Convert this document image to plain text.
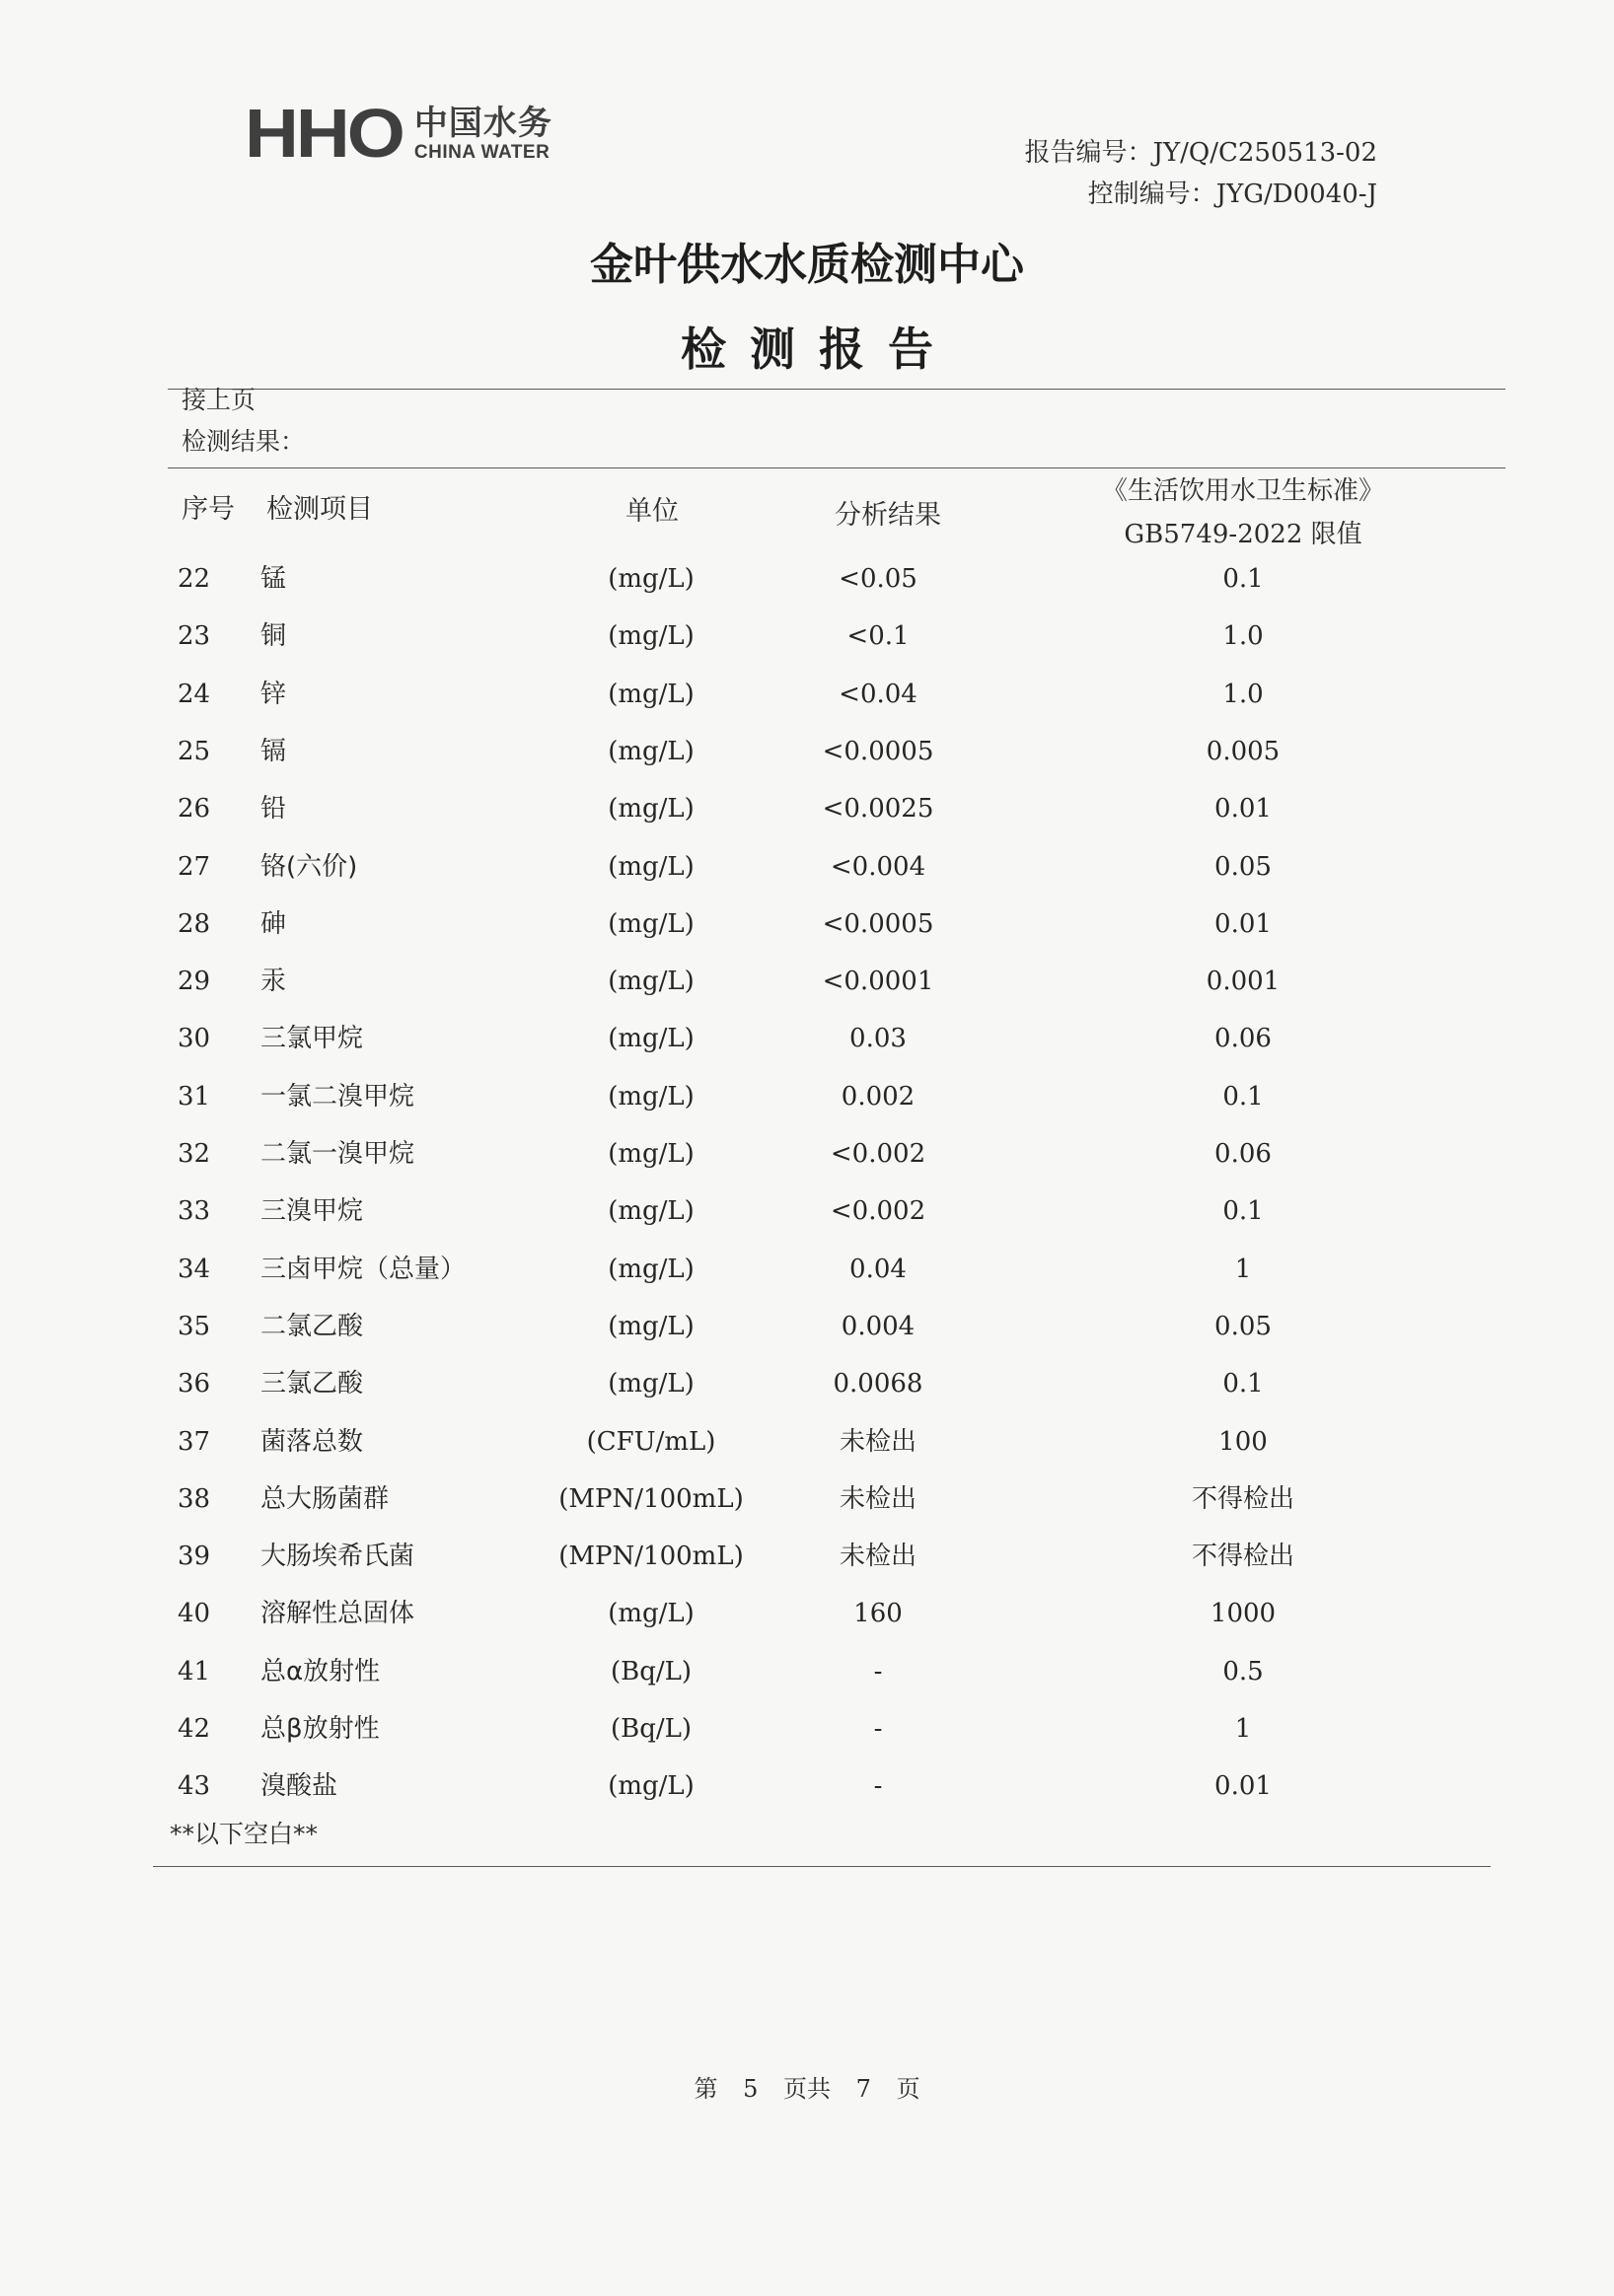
HHO 中国水务
CHINA WATER	报告编号：JY/Q/C250513-02
控制编号：JYG/D0040-J
金叶供水水质检测中心
检测报告
接上页
检测结果：
序号 检测项目	单位	分析结果
《生活饮用水卫生标准》
GB5749-2022 限值
22	锰	(mg/L)	<0.05	0.1
23	铜	(mg/L)	<0.1	1.0
24	锌	(mg/L)	<0.04	1.0
25	镉	(mg/L)	<0.0005	0.005
26	铅	(mg/L)	<0.0025	0.01
27	铬(六价)	(mg/L)	<0.004	0.05
28	砷	(mg/L)	<0.0005	0.01
29	汞	(mg/L)	<0.0001	0.001
30	三氯甲烷	(mg/L)	0.03	0.06
31	一氯二溴甲烷	(mg/L)	0.002	0.1
32	二氯一溴甲烷	(mg/L)	<0.002	0.06
33	三溴甲烷	(mg/L)	<0.002	0.1
34	三卤甲烷（总量）	(mg/L)	0.04	1
35	二氯乙酸	(mg/L)	0.004	0.05
36	三氯乙酸	(mg/L)	0.0068	0.1
37	菌落总数	(CFU/mL)	未检出	100
38	总大肠菌群	(MPN/100mL)	未检出	不得检出
39	大肠埃希氏菌	(MPN/100mL)	未检出	不得检出
40	溶解性总固体	(mg/L)	160	1000
41	总α放射性	(Bq/L)	-	0.5
42	总β放射性	(Bq/L)	-	1
43	溴酸盐	(mg/L)	-	0.01
**以下空白**
第 5 页共 7 页
